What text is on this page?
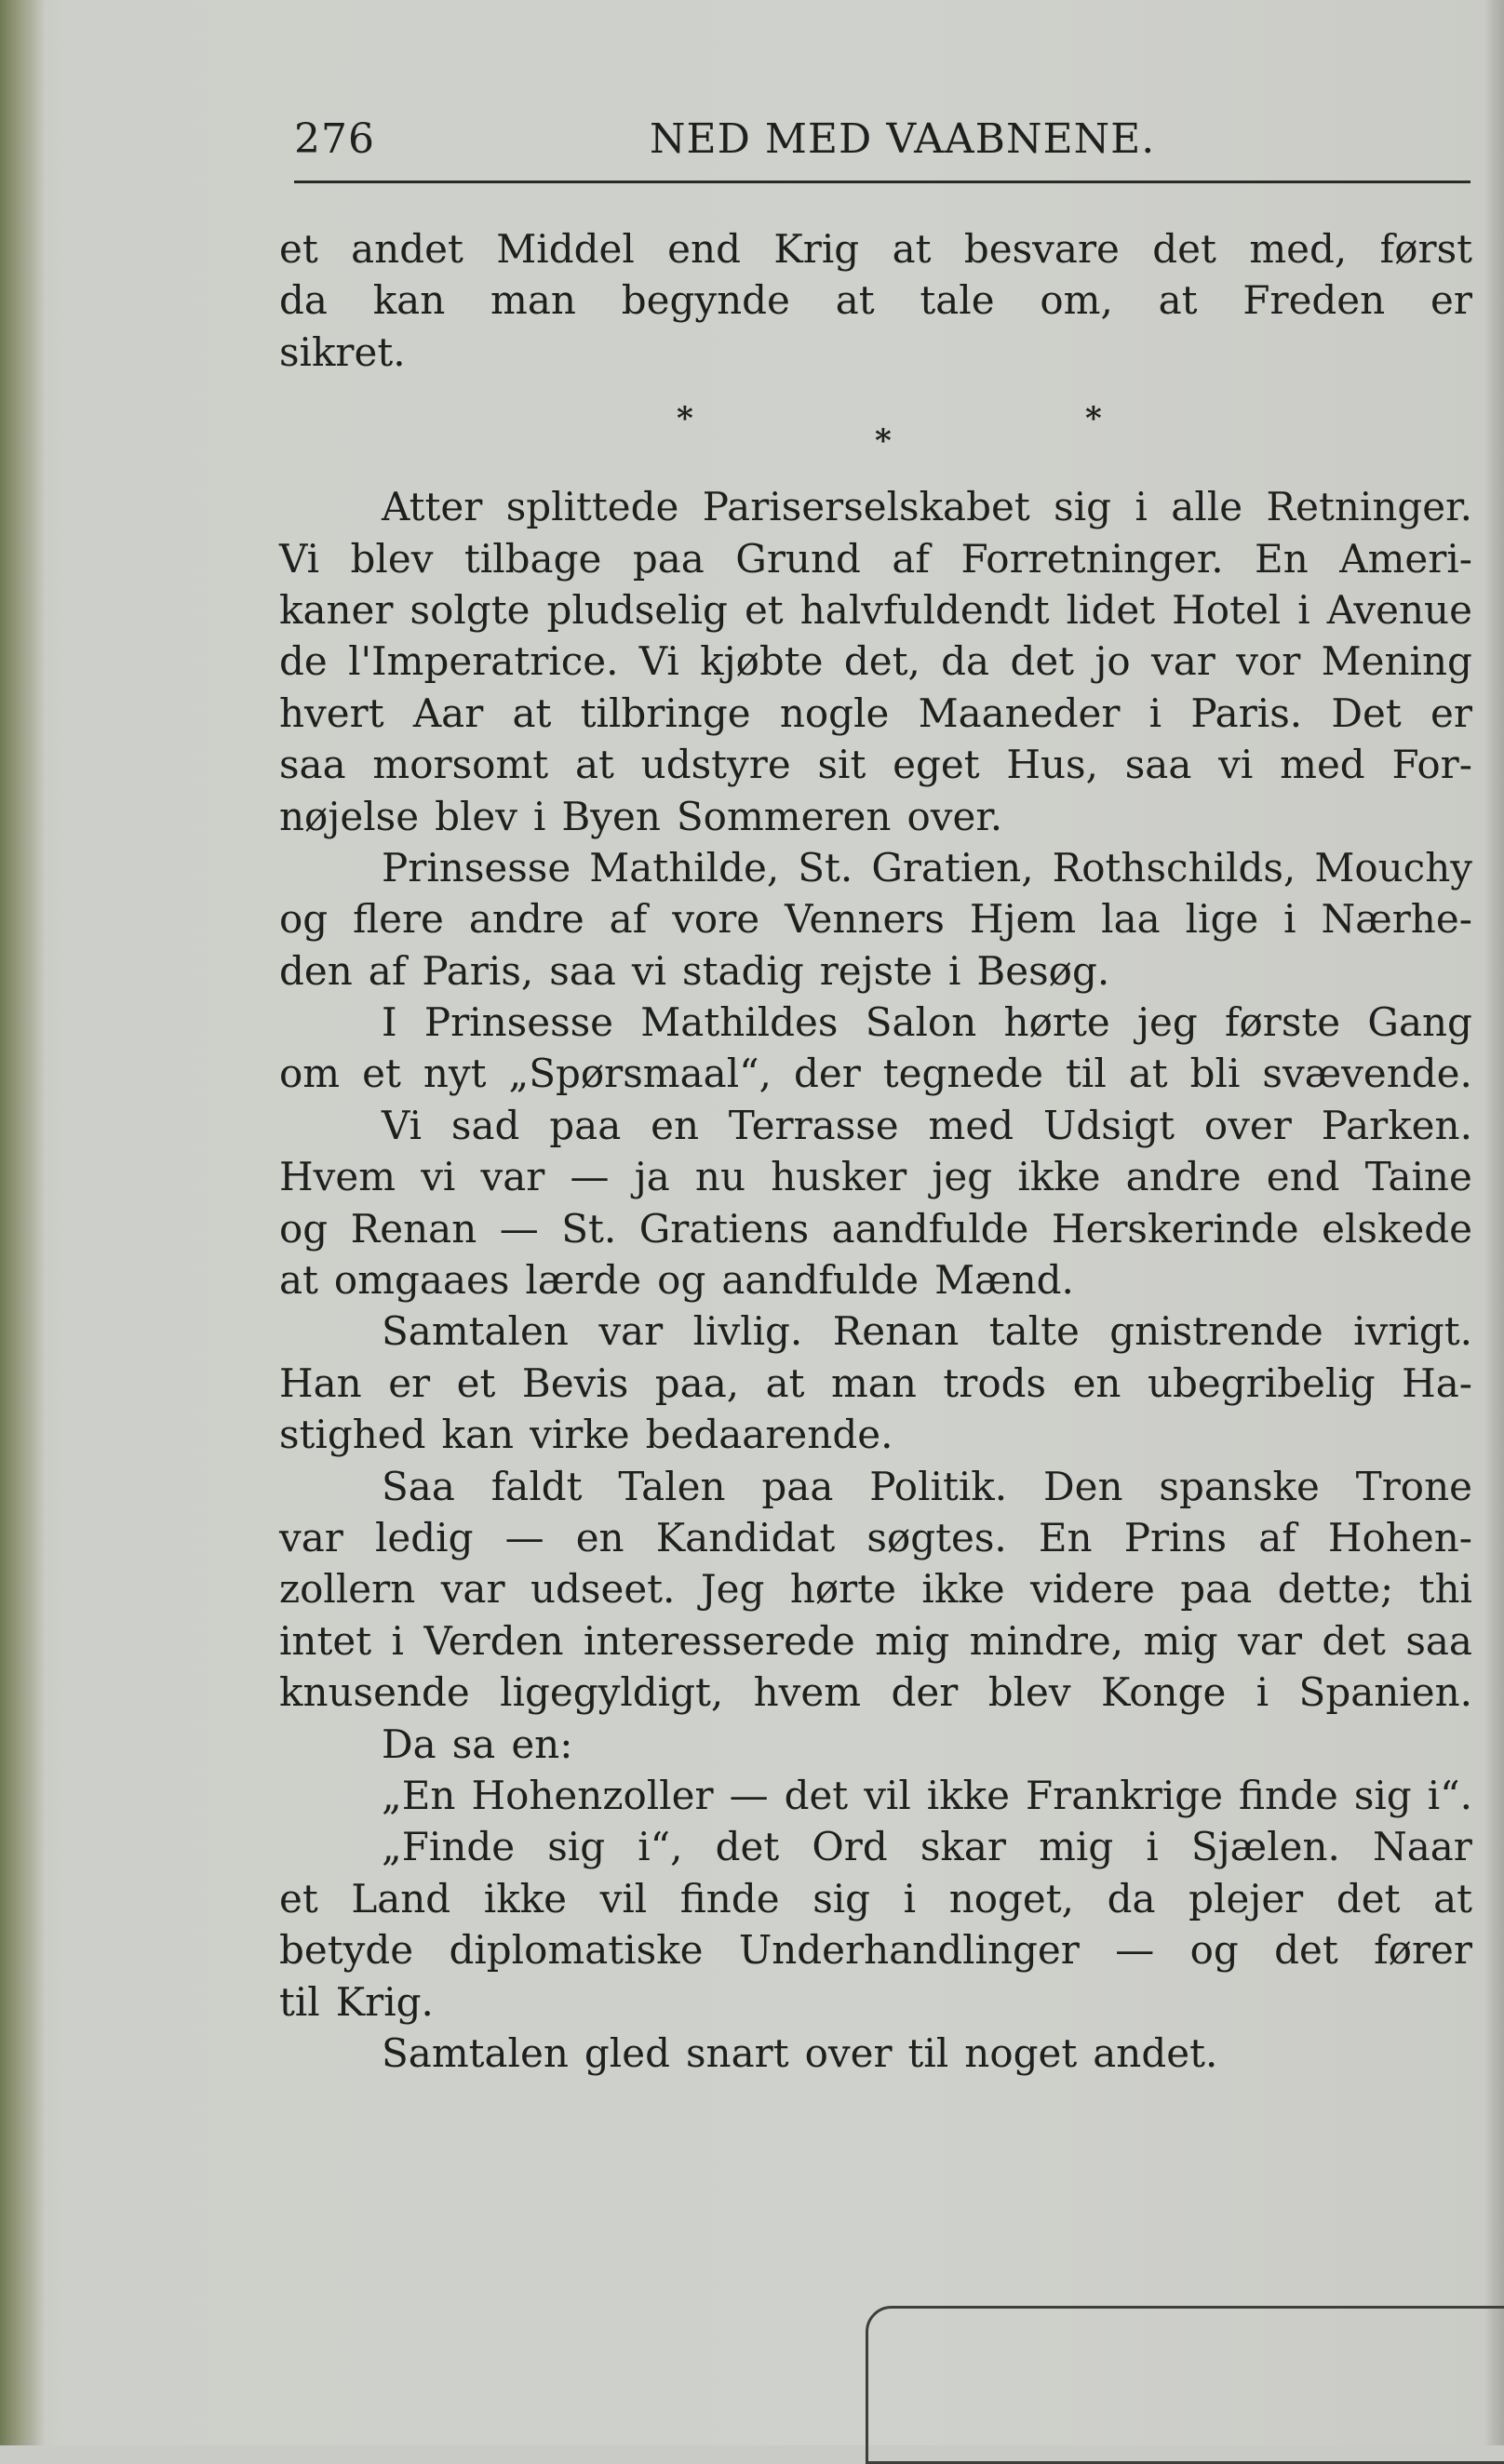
276	NED MED VAABNENE.
et andet Middel end Krig at besvare det med, først
da kan man begynde at tale om, at Freden er
sikret.
*
*
*
Atter splittede Pariserselskabet sig i alle Retninger.
Vi blev tilbage paa Grund af Forretninger. En Ameri-
kaner solgte pludselig et halvfuldendt lidet Hotel i Avenue
de l'Imperatrice. Vi kjøbte det, da det jo var vor Mening
hvert Aar at tilbringe nogle Maaneder i Paris. Det er
saa morsomt at udstyre sit eget Hus, saa vi med For-
nøjelse blev i Byen Sommeren over.
Prinsesse Mathilde, St. Gratien, Rothschilds, Mouchy
og flere andre af vore Venners Hjem laa lige i Nærhe-
den af Paris, saa vi stadig rejste i Besøg.
I Prinsesse Mathildes Salon hørte jeg første Gang
om et nyt „Spørsmaal“, der tegnede til at bli svævende.
Vi sad paa en Terrasse med Udsigt over Parken.
Hvem vi var — ja nu husker jeg ikke andre end Taine
og Renan — St. Gratiens aandfulde Herskerinde elskede
at omgaaes lærde og aandfulde Mænd.
Samtalen var livlig. Renan talte gnistrende ivrigt.
Han er et Bevis paa, at man trods en ubegribelig Ha-
stighed kan virke bedaarende.
Saa faldt Talen paa Politik. Den spanske Trone
var ledig — en Kandidat søgtes. En Prins af Hohen-
zollern var udseet. Jeg hørte ikke videre paa dette; thi
intet i Verden interesserede mig mindre, mig var det saa
knusende ligegyldigt, hvem der blev Konge i Spanien.
Da sa en:
„En Hohenzoller — det vil ikke Frankrige finde sig i“.
„Finde sig i“, det Ord skar mig i Sjælen. Naar
et Land ikke vil finde sig i noget, da plejer det at
betyde diplomatiske Underhandlinger — og det fører
til Krig.
Samtalen gled snart over til noget andet.
